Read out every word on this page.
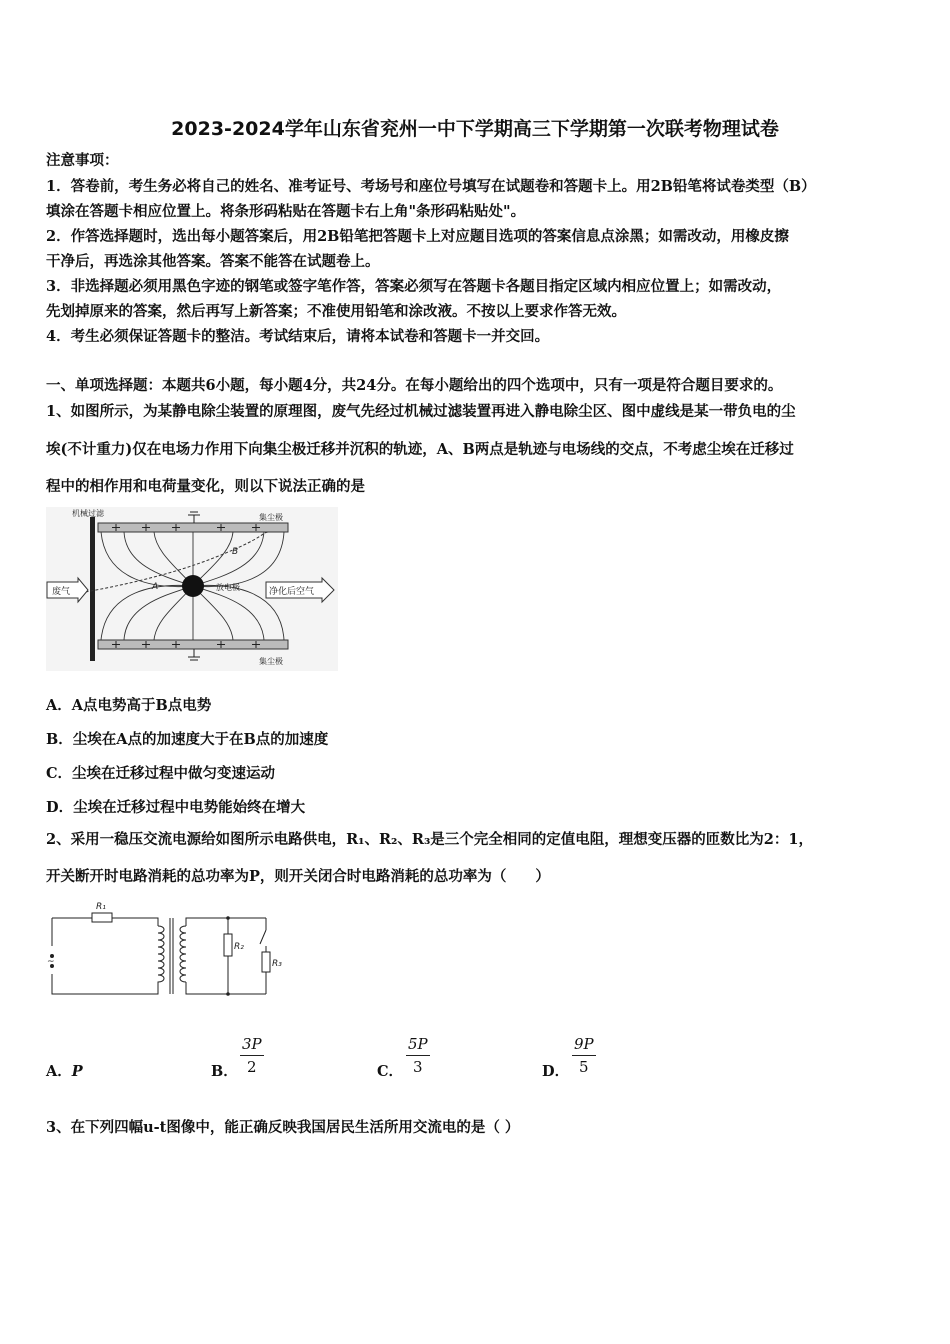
2023-2024学年山东省兖州一中下学期高三下学期第一次联考物理试卷
注意事项：
1．答卷前，考生务必将自己的姓名、准考证号、考场号和座位号填写在试题卷和答题卡上。用2B铅笔将试卷类型（B）
填涂在答题卡相应位置上。将条形码粘贴在答题卡右上角"条形码粘贴处"。
2．作答选择题时，选出每小题答案后，用2B铅笔把答题卡上对应题目选项的答案信息点涂黑；如需改动，用橡皮擦
干净后，再选涂其他答案。答案不能答在试题卷上。
3．非选择题必须用黑色字迹的钢笔或签字笔作答，答案必须写在答题卡各题目指定区域内相应位置上；如需改动，
先划掉原来的答案，然后再写上新答案；不准使用铅笔和涂改液。不按以上要求作答无效。
4．考生必须保证答题卡的整洁。考试结束后，请将本试卷和答题卡一并交回。
一、单项选择题：本题共6小题，每小题4分，共24分。在每小题给出的四个选项中，只有一项是符合题目要求的。
1、如图所示，为某静电除尘装置的原理图，废气先经过机械过滤装置再进入静电除尘区、图中虚线是某一带负电的尘
埃(不计重力)仅在电场力作用下向集尘极迁移并沉积的轨迹，A、B两点是轨迹与电场线的交点，不考虑尘埃在迁移过
程中的相作用和电荷量变化，则以下说法正确的是
机械过滤	集尘极
集尘极
放电极
A
B
废气	净化后空气
A．A点电势高于B点电势
B．尘埃在A点的加速度大于在B点的加速度
C．尘埃在迁移过程中做匀变速运动
D．尘埃在迁移过程中电势能始终在增大
2、采用一稳压交流电源给如图所示电路供电，R₁、R₂、R₃是三个完全相同的定值电阻，理想变压器的匝数比为2：1，
开关断开时电路消耗的总功率为P，则开关闭合时电路消耗的总功率为（　　）
R₁
~
R₂
R₃
A．P	B．
3P
2	C．
5P
3	D．
9P
5
3、在下列四幅u-t图像中，能正确反映我国居民生活所用交流电的是（ ）
